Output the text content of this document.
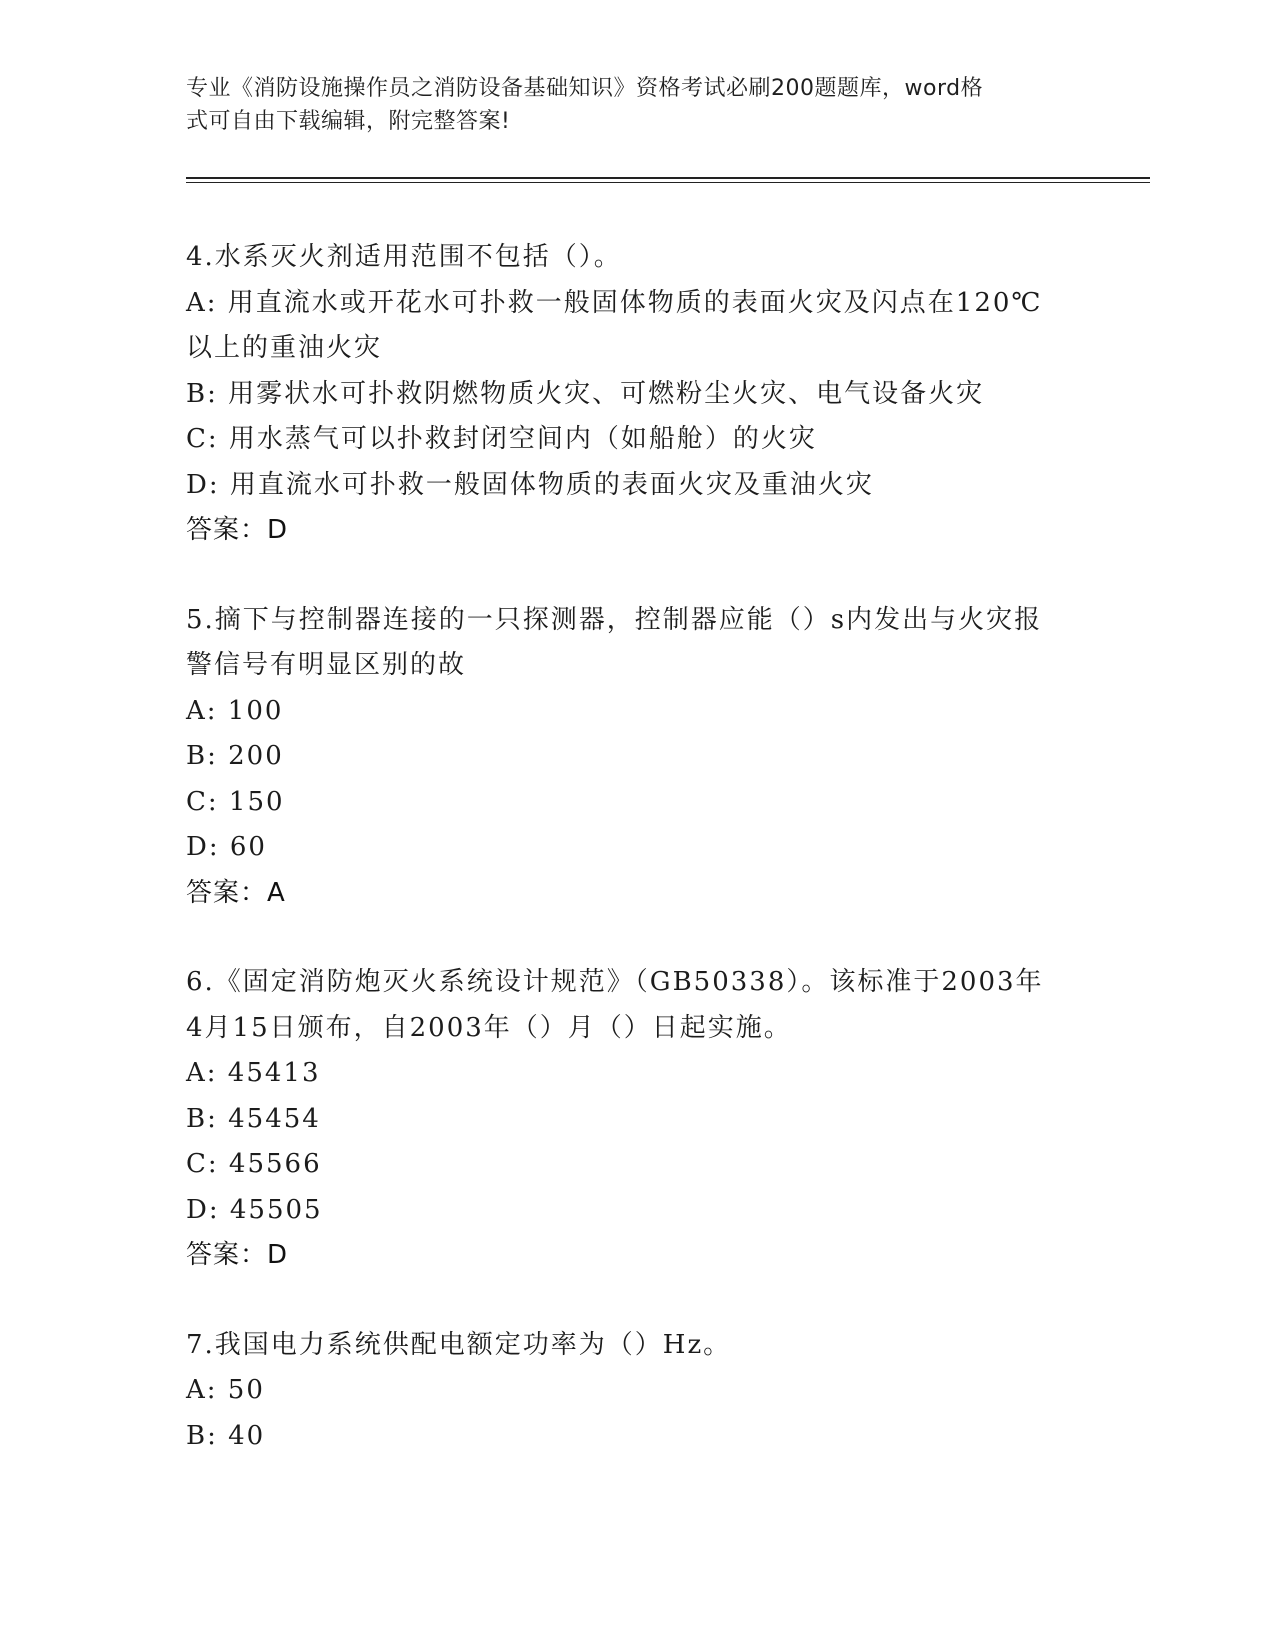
专业《消防设施操作员之消防设备基础知识》资格考试必刷200题题库，word格
式可自由下载编辑，附完整答案!
4.水系灭火剂适用范围不包括（）。
A: 用直流水或开花水可扑救一般固体物质的表面火灾及闪点在120℃
以上的重油火灾
B: 用雾状水可扑救阴燃物质火灾、可燃粉尘火灾、电气设备火灾
C: 用水蒸气可以扑救封闭空间内（如船舱）的火灾
D: 用直流水可扑救一般固体物质的表面火灾及重油火灾
答案：D
5.摘下与控制器连接的一只探测器，控制器应能（）s内发出与火灾报
警信号有明显区别的故
A: 100
B: 200
C: 150
D: 60
答案：A
6.《固定消防炮灭火系统设计规范》（GB50338）。该标准于2003年
4月15日颁布，自2003年（）月（）日起实施。
A: 45413
B: 45454
C: 45566
D: 45505
答案：D
7.我国电力系统供配电额定功率为（）Hz。
A: 50
B: 40
